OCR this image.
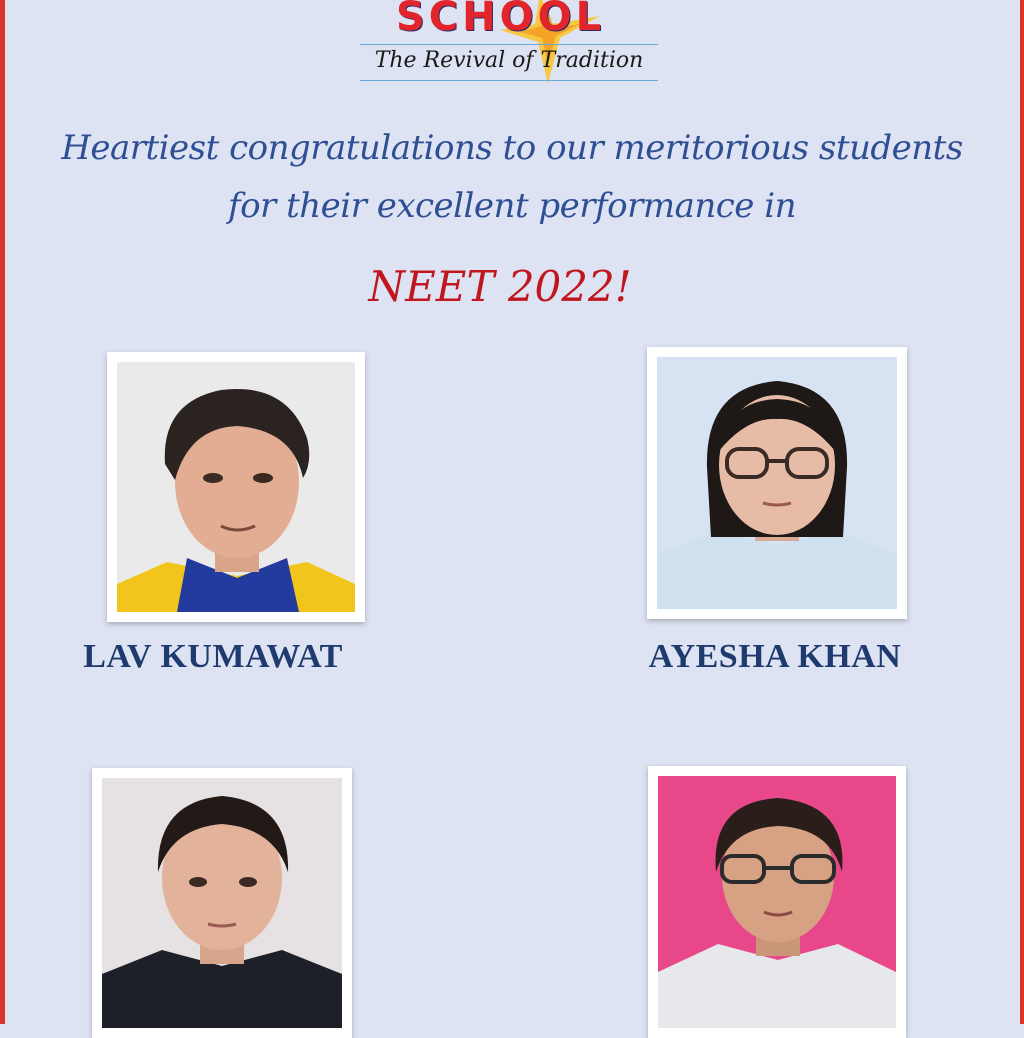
SCHOOL
The Revival of Tradition
Heartiest congratulations to our meritorious students
for their excellent performance in
NEET 2022!
LAV KUMAWAT	AYESHA KHAN
